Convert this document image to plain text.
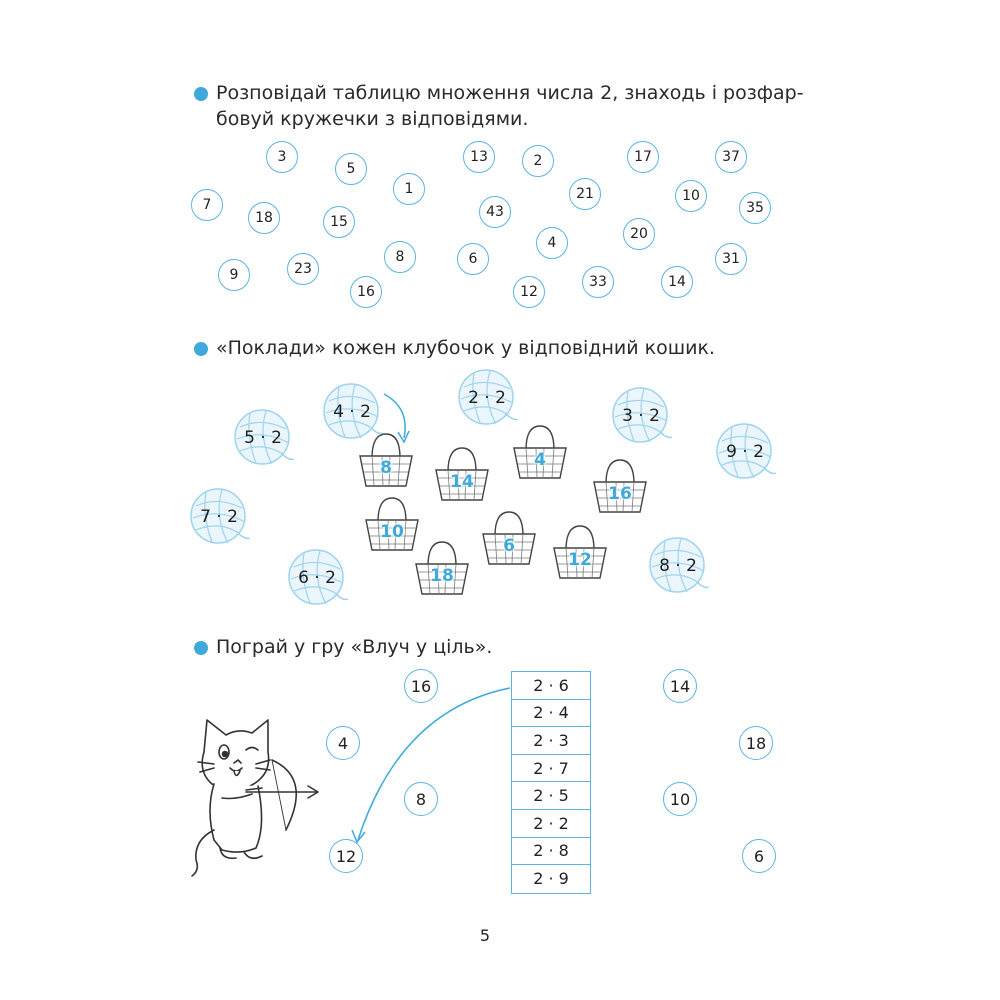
Розповідай таблицю множення числа 2, знаходь і розфар-
бовуй кружечки з відповідями.
3
5
1
13	2	17	37
7
18	15
43
21	10
35
4
20
8	6
9	23
16	12
33	14
31
«Поклади» кожен клубочок у відповідний кошик.
4 · 2
2 · 2
3 · 2
5 · 2
9 · 2
7 · 2
6 · 2
8 · 2
8
14
4
16
10
6
12
18
Пограй у гру «Влуч у ціль».
2 · 6
2 · 4
2 · 3
2 · 7
2 · 5
2 · 2
2 · 8
2 · 9
16
4
8
12
14
18
10
6
5
